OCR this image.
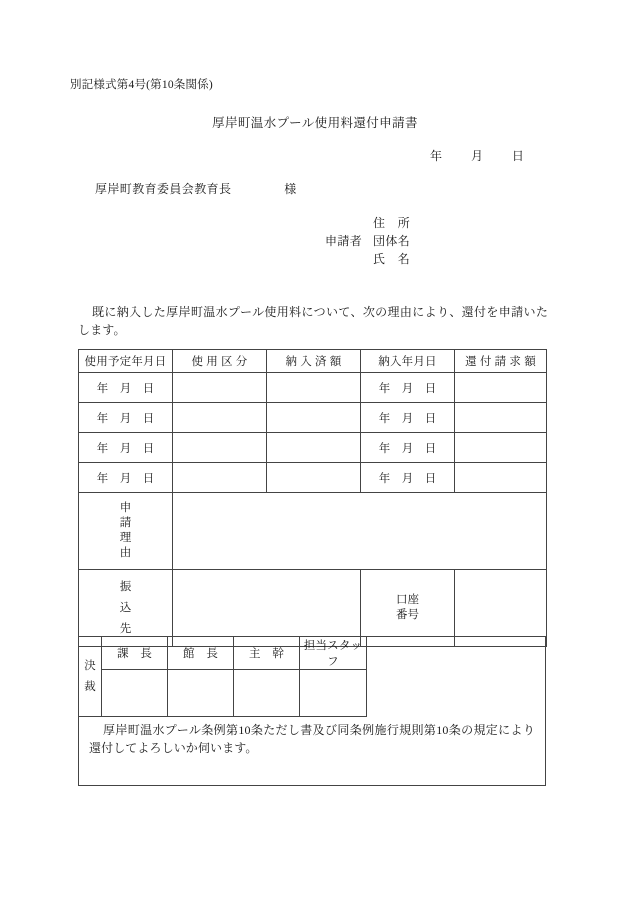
別記様式第4号(第10条関係)
厚岸町温水プール使用料還付申請書
年 月 日
厚岸町教育委員会教育長	様
住　所
申請者 団体名
氏　名
既に納入した厚岸町温水プール使用料について、次の理由により、還付を申請いたします。
使用予定年月日	使 用 区 分	納 入 済 額	納入年月日	還 付 請 求 額
年　月　日			年　月　日	
年　月　日			年　月　日	
年　月　日			年　月　日	
年　月　日			年　月　日	

申
請
理
由				

振
込
先			口座
番号	

決
裁	課　長	館　長	主　幹	担当スタッフ

厚岸町温水プール条例第10条ただし書及び同条例施行規則第10条の規定により還付してよろしいか伺います。
